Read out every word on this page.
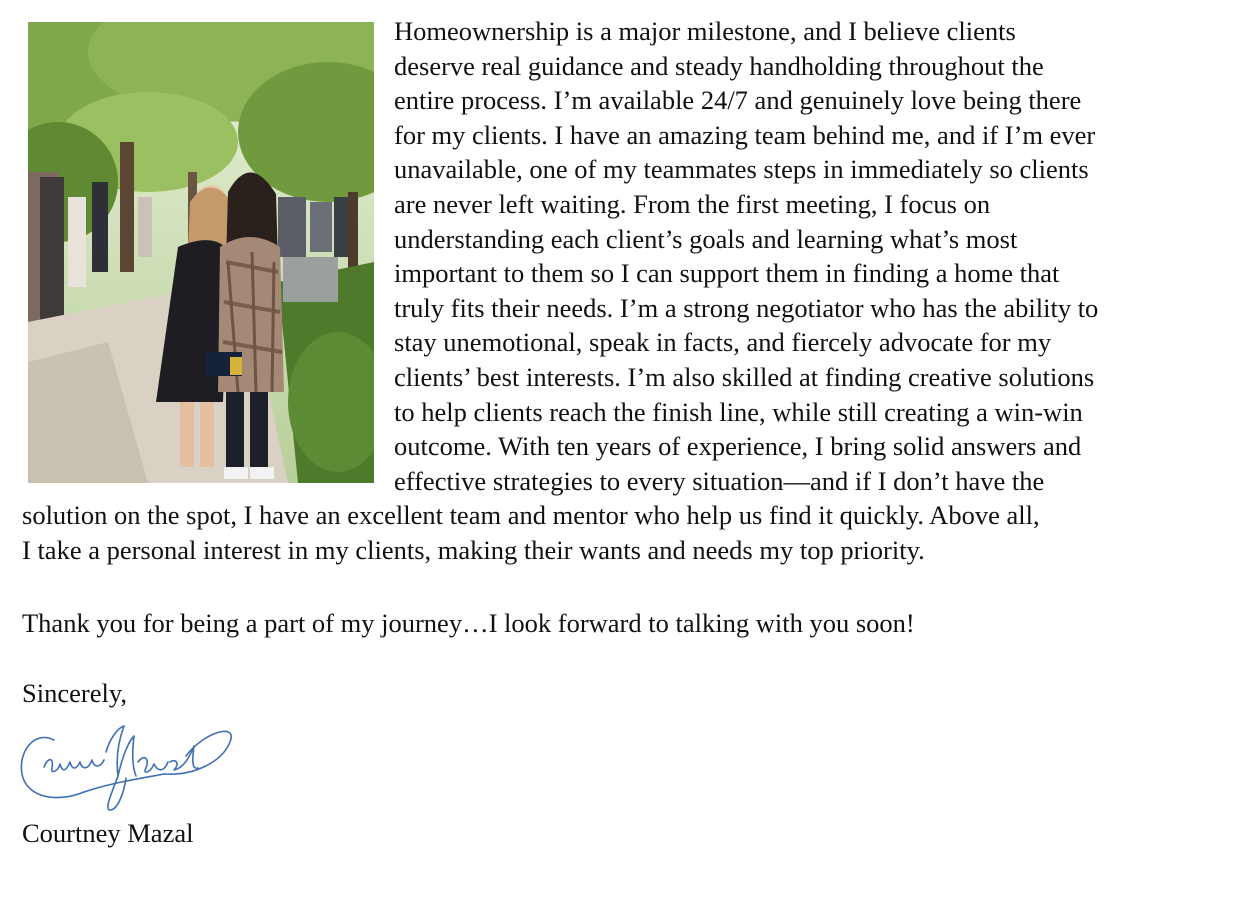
Homeownership is a major milestone, and I believe clients
deserve real guidance and steady handholding throughout the
entire process. I’m available 24/7 and genuinely love being there
for my clients. I have an amazing team behind me, and if I’m ever
unavailable, one of my teammates steps in immediately so clients
are never left waiting. From the first meeting, I focus on
understanding each client’s goals and learning what’s most
important to them so I can support them in finding a home that
truly fits their needs. I’m a strong negotiator who has the ability to
stay unemotional, speak in facts, and fiercely advocate for my
clients’ best interests. I’m also skilled at finding creative solutions
to help clients reach the finish line, while still creating a win-win
outcome. With ten years of experience, I bring solid answers and
effective strategies to every situation—and if I don’t have the
solution on the spot, I have an excellent team and mentor who help us find it quickly. Above all,
I take a personal interest in my clients, making their wants and needs my top priority.
Thank you for being a part of my journey…I look forward to talking with you soon!
Sincerely,
Courtney Mazal
